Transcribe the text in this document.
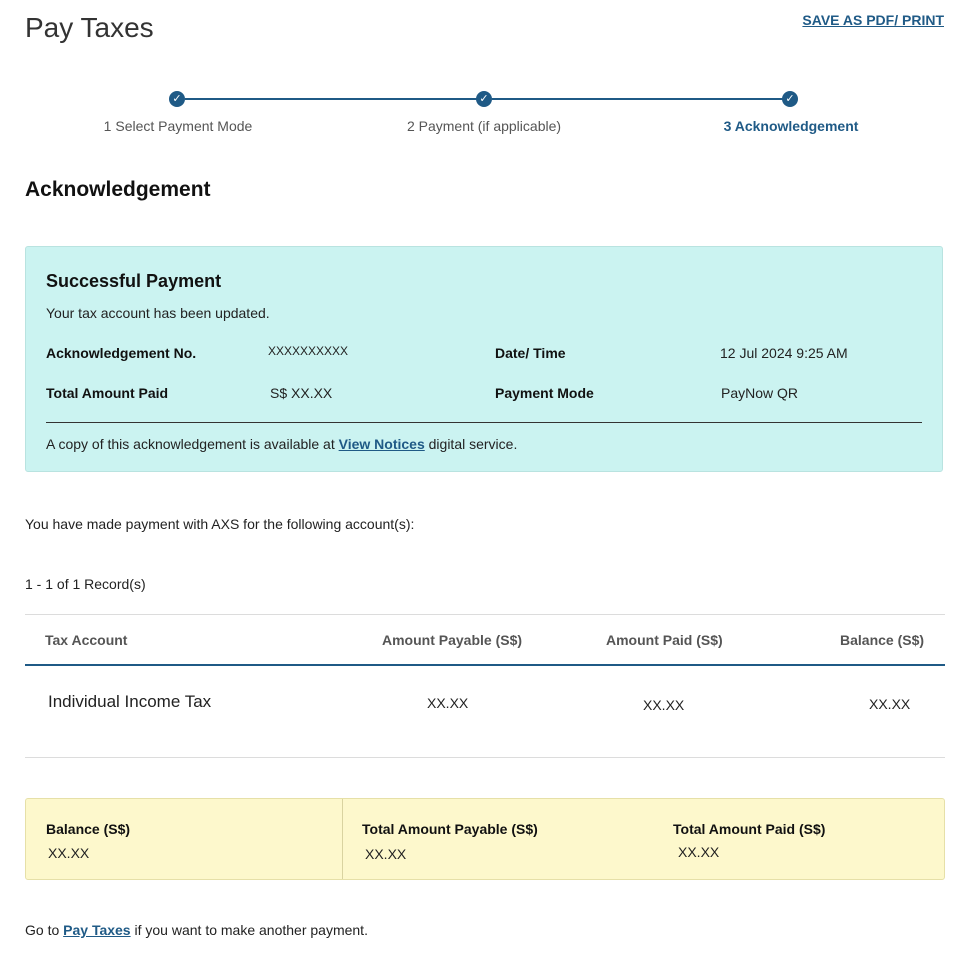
Pay Taxes	SAVE AS PDF/ PRINT
✓	✓	✓
1 Select Payment Mode	2 Payment (if applicable)	3 Acknowledgement
Acknowledgement
Successful Payment
Your tax account has been updated.
Acknowledgement No.	XXXXXXXXXX	Date/ Time	12 Jul 2024 9:25 AM
Total Amount Paid	S$ XX.XX	Payment Mode	PayNow QR
A copy of this acknowledgement is available at View Notices digital service.
You have made payment with AXS for the following account(s):
1 - 1 of 1 Record(s)
Tax Account	Amount Payable (S$)	Amount Paid (S$)	Balance (S$)
Individual Income Tax	XX.XX	XX.XX	XX.XX
Balance (S$)
XX.XX
Total Amount Payable (S$)
XX.XX
Total Amount Paid (S$)
XX.XX
Go to Pay Taxes if you want to make another payment.
